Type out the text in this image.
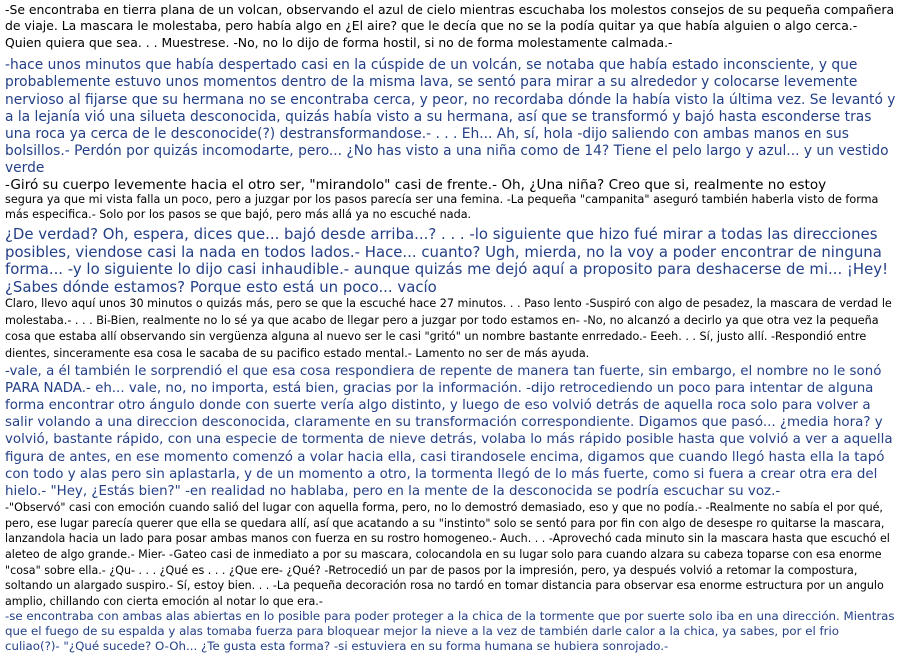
-Se encontraba en tierra plana de un volcan, observando el azul de cielo mientras escuchaba los molestos consejos de su pequeña compañera de viaje. La mascara le molestaba, pero había algo en ¿El aire? que le decía que no se la podía quitar ya que había alguien o algo cerca.- Quien quiera que sea. . . Muestrese. -No, no lo dijo de forma hostil, si no de forma molestamente calmada.-

-hace unos minutos que había despertado casi en la cúspide de un volcán, se notaba que había estado inconsciente, y que probablemente estuvo unos momentos dentro de la misma lava, se sentó para mirar a su alrededor y colocarse levemente nervioso al fijarse que su hermana no se encontraba cerca, y peor, no recordaba dónde la había visto la última vez. Se levantó y a la lejanía vió una silueta desconocida, quizás había visto a su hermana, así que se transformó y bajó hasta esconderse tras una roca ya cerca de le desconocide(?) destransformandose.- . . . Eh... Ah, sí, hola -dijo saliendo con ambas manos en sus bolsillos.- Perdón por quizás incomodarte, pero... ¿No has visto a una niña como de 14? Tiene el pelo largo y azul... y un vestido verde

-Giró su cuerpo levemente hacia el otro ser, "mirandolo" casi de frente.- Oh, ¿Una niña? Creo que si, realmente no estoy

segura ya que mi vista falla un poco, pero a juzgar por los pasos parecía ser una femina. -La pequeña "campanita" aseguró también haberla visto de forma más especifica.- Solo por los pasos se que bajó, pero más allá ya no escuché nada.

¿De verdad? Oh, espera, dices que... bajó desde arriba...? . . . -lo siguiente que hizo fué mirar a todas las direcciones posibles, viendose casi la nada en todos lados.- Hace... cuanto? Ugh, mierda, no la voy a poder encontrar de ninguna forma... -y lo siguiente lo dijo casi inhaudible.- aunque quizás me dejó aquí a proposito para deshacerse de mi... ¡Hey! ¿Sabes dónde estamos? Porque esto está un poco... vacío

Claro, llevo aquí unos 30 minutos o quizás más, pero se que la escuché hace 27 minutos. . . Paso lento -Suspiró con algo de pesadez, la mascara de verdad le molestaba.- . . . Bi-Bien, realmente no lo sé ya que acabo de llegar pero a juzgar por todo estamos en- -No, no alcanzó a decirlo ya que otra vez la pequeña cosa que estaba allí observando sin vergüenza alguna al nuevo ser le casi "gritó" un nombre bastante enrredado.- Eeeh. . . Sí, justo allí. -Respondió entre dientes, sinceramente esa cosa le sacaba de su pacifico estado mental.- Lamento no ser de más ayuda.

-vale, a él también le sorprendió el que esa cosa respondiera de repente de manera tan fuerte, sin embargo, el nombre no le sonó PARA NADA.- eh... vale, no, no importa, está bien, gracias por la información. -dijo retrocediendo un poco para intentar de alguna forma encontrar otro ángulo donde con suerte vería algo distinto, y luego de eso volvió detrás de aquella roca solo para volver a salir volando a una direccion desconocida, claramente en su transformación correspondiente. Digamos que pasó... ¿media hora? y volvió, bastante rápido, con una especie de tormenta de nieve detrás, volaba lo más rápido posible hasta que volvió a ver a aquella figura de antes, en ese momento comenzó a volar hacia ella, casi tirandosele encima, digamos que cuando llegó hasta ella la tapó con todo y alas pero sin aplastarla, y de un momento a otro, la tormenta llegó de lo más fuerte, como si fuera a crear otra era del hielo.- "Hey, ¿Estás bien?" -en realidad no hablaba, pero en la mente de la desconocida se podría escuchar su voz.-

-"Observó" casi con emoción cuando salió del lugar con aquella forma, pero, no lo demostró demasiado, eso y que no podía.- -Realmente no sabía el por qué, pero, ese lugar parecía querer que ella se quedara allí, así que acatando a su "instinto" solo se sentó para por fin con algo de desespe ro quitarse la mascara, lanzandola hacia un lado para posar ambas manos con fuerza en su rostro homogeneo.- Auch. . . -Aprovechó cada minuto sin la mascara hasta que escuchó el aleteo de algo grande.- Mier- -Gateo casi de inmediato a por su mascara, colocandola en su lugar solo para cuando alzara su cabeza toparse con esa enorme "cosa" sobre ella.- ¿Qu- . . . ¿Qué es . . . ¿Que ere- ¿Qué? -Retrocedió un par de pasos por la impresión, pero, ya después volvió a retomar la compostura, soltando un alargado suspiro.- Sí, estoy bien. . . -La pequeña decoración rosa no tardó en tomar distancia para observar esa enorme estructura por un angulo amplio, chillando con cierta emoción al notar lo que era.-

-se encontraba con ambas alas abiertas en lo posible para poder proteger a la chica de la tormente que por suerte solo iba en una dirección. Mientras que el fuego de su espalda y alas tomaba fuerza para bloquear mejor la nieve a la vez de también darle calor a la chica, ya sabes, por el frio culiao(?)- "¿Qué sucede? O-Oh... ¿Te gusta esta forma? -si estuviera en su forma humana se hubiera sonrojado.-
